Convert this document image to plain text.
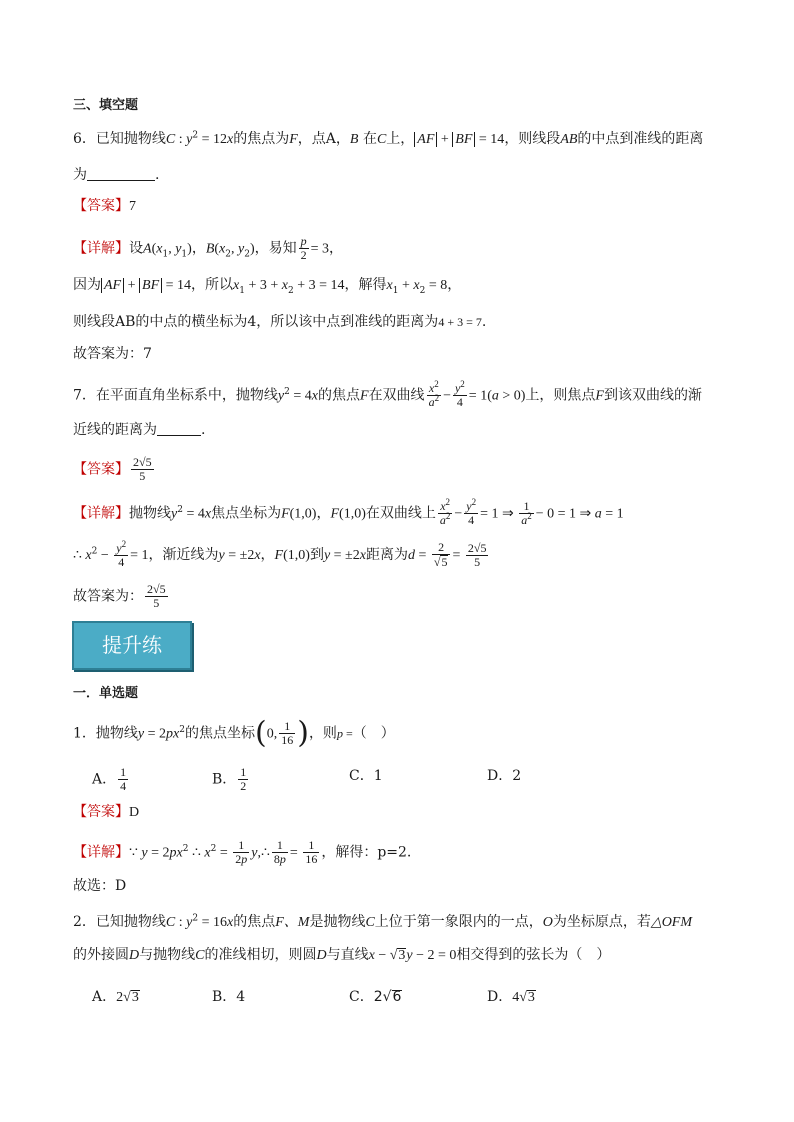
三、填空题
6．已知抛物线C : $y^2 = 12x$的焦点为F，点A，B 在C上， AF + BF = 14，则线段AB的中点到准线的距离
为	.
【答案】7
【详解】设$A(x_1$, $y_1$)，$B(x_2$, $y_2$)，易知 $\frac{p}{2} = 3$，
因为 AF + BF = 14，所以$x_1 + 3 + x_2 + 3 = 14$，解得$x_1 + x_2 = 8$，
则线段AB的中点的横坐标为4，所以该中点到准线的距离为4 + 3 = 7.
故答案为：7
7．在平面直角坐标系中，抛物线$y^2 = 4x$的焦点F在双曲线 $\frac{x^2}{a^2} - \frac{y^2}{4} = 1(a > 0)$上，则焦点F到该双曲线的渐
近线的距离为	.
【答案】 $\frac{2√5}{5}$
【详解】抛物线$y^2 = 4x$焦点坐标为F(1,0)，F(1,0)在双曲线上 $\frac{x^2}{a^2} - \frac{y^2}{4} = 1$ ⇒ $\frac{1}{a^2} - 0 = 1$ ⇒ a = 1
∴ $x^2 - \frac{y^2}{4} = 1$，渐近线为y = ±2x，F(1,0)到y = ±2x距离为$d = \frac{2}{√5} = \frac{2√5}{5}$
故答案为： $\frac{2√5}{5}$
提升练
一．单选题
1．抛物线$y = 2px^2$的焦点坐标(0, $\frac{1}{16}$ )，则p =（　）
A． $\frac{1}{4}$	B． $\frac{1}{2}$	C．1	D．2
【答案】D
【详解】∵ $y = 2px^2$ ∴ $x^2 = \frac{1}{2p}$ y,∴ $\frac{1}{8p} = \frac{1}{16}$ ，解得：p=2.
故选：D
2．已知抛物线C : $y^2 = 16x$的焦点F、M是抛物线C上位于第一象限内的一点，O为坐标原点，若△OFM
的外接圆D与抛物线C的准线相切，则圆D与直线x − √3y − 2 = 0相交得到的弦长为（　）
A．2√3	B．4	C．2√6	D．4√3
